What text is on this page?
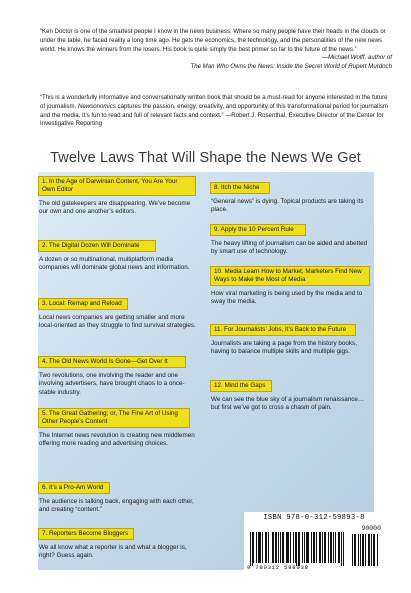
“Ken Doctor is one of the smartest people I know in the news business. Where so many people have their heads in the clouds or under the table, he faced reality a long time ago. He gets the economics, the technology, and the personalities of the new news world. He knows the winners from the losers. His book is quite simply the best primer so far to the future of the news.”
—Michael Wolff, author of
The Man Who Owns the News: Inside the Secret World of Rupert Murdoch

“This is a wonderfully informative and conversationally written book that should be a must-read for anyone interested in the future of journalism. Newsonomics captures the passion, energy, creativity, and opportunity of this transformational period for journalism and the media. It’s fun to read and full of relevant facts and context.” —Robert J. Rosenthal, Executive Director of the Center for Investigative Reporting

Twelve Laws That Will Shape the News We Get
1. In the Age of Darwinian Content, You Are Your Own Editor

The old gatekeepers are disappearing. We’ve become our own and one another’s editors.

2. The Digital Dozen Will Dominate

A dozen or so multinational, multiplatform media companies will dominate global news and information.

3. Local: Remap and Reload

Local news companies are getting smaller and more local-oriented as they struggle to find survival strategies.

4. The Old News World Is Gone—Get Over It

Two revolutions, one involving the reader and one involving advertisers, have brought chaos to a once-stable industry.

5. The Great Gathering; or, The Fine Art of Using Other People’s Content

The Internet news revolution is creating new middlemen offering more reading and advertising choices.

6. It’s a Pro-Am World

The audience is talking back, engaging with each other, and creating “content.”

7. Reporters Become Bloggers

We all know what a reporter is and what a blogger is, right? Guess again.

8. Itch the Niche

“General news” is dying. Topical products are taking its place.

9. Apply the 10 Percent Rule

The heavy lifting of journalism can be aided and abetted by smart use of technology.

10. Media Learn How to Market, Marketers Find New Ways to Make the Most of Media

How viral marketing is being used by the media and to sway the media.

11. For Journalists’ Jobs, It’s Back to the Future

Journalists are taking a page from the history books, having to balance multiple skills and multiple gigs.

12. Mind the Gaps

We can see the blue sky of a journalism renaissance…but first we’ve got to cross a chasm of pain.

ISBN 978-0-312-59893-8
90000
9 780312 598938
